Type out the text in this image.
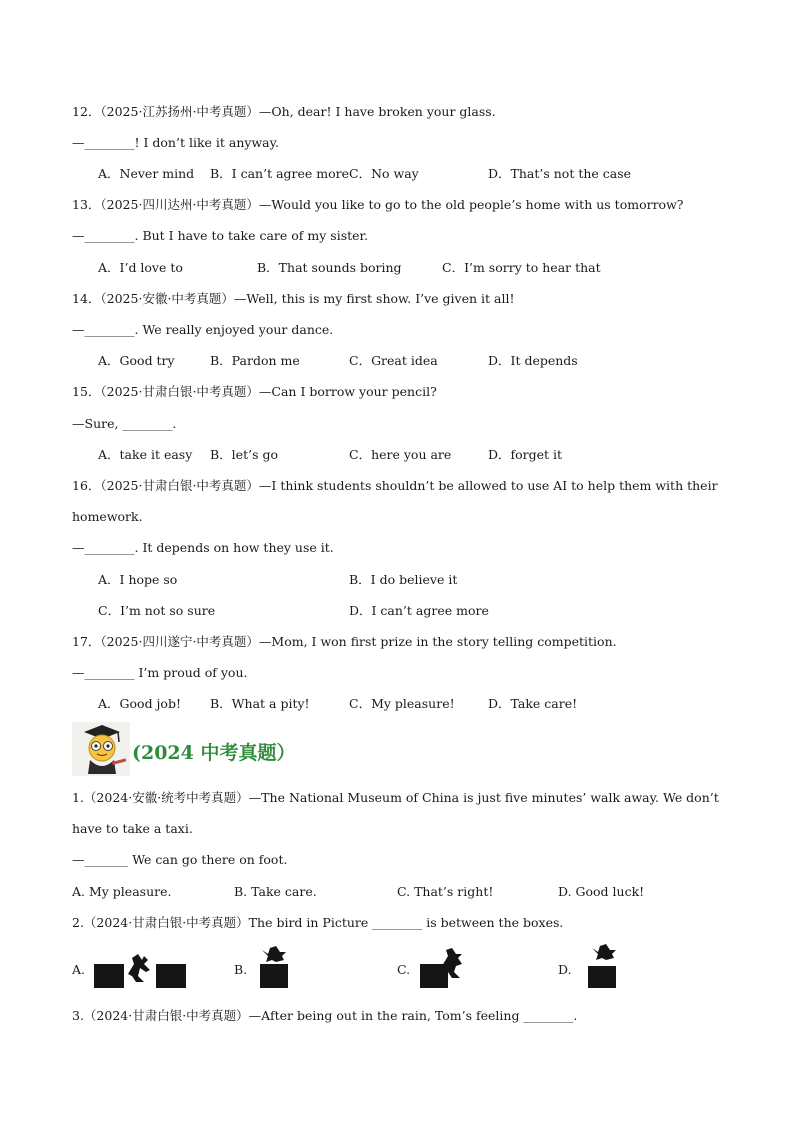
12．（2025·江苏扬州·中考真题）—Oh, dear! I have broken your glass.
—________! I don’t like it anyway.
A．Never mind B．I can’t agree more C．No way	D．That’s not the case
13．（2025·四川达州·中考真题）—Would you like to go to the old people’s home with us tomorrow?
—________. But I have to take care of my sister.
A．I’d love to	B．That sounds boring	C．I’m sorry to hear that
14．（2025·安徽·中考真题）—Well, this is my first show. I’ve given it all!
—________. We really enjoyed your dance.
A．Good try	B．Pardon me	C．Great idea	D．It depends
15．（2025·甘肃白银·中考真题）—Can I borrow your pencil?
—Sure, ________.
A．take it easy B．let’s go	C．here you are	D．forget it
16．（2025·甘肃白银·中考真题）—I think students shouldn’t be allowed to use AI to help them with their
homework.
—________. It depends on how they use it.
A．I hope so	B．I do believe it
C．I’m not so sure	D．I can’t agree more
17．（2025·四川遂宁·中考真题）—Mom, I won first prize in the story telling competition.
—________ I’m proud of you.
A．Good job! B．What a pity!	C．My pleasure!	D．Take care!
(2024 中考真题）
1.（2024·安徽·统考中考真题）—The National Museum of China is just five minutes’ walk away. We don’t
have to take a taxi.
—_______ We can go there on foot.
A. My pleasure.	B. Take care.	C. That’s right!	D. Good luck!
2.（2024·甘肃白银·中考真题）The bird in Picture ________ is between the boxes.
A.	B.	C.	D.
3.（2024·甘肃白银·中考真题）—After being out in the rain, Tom’s feeling ________.
